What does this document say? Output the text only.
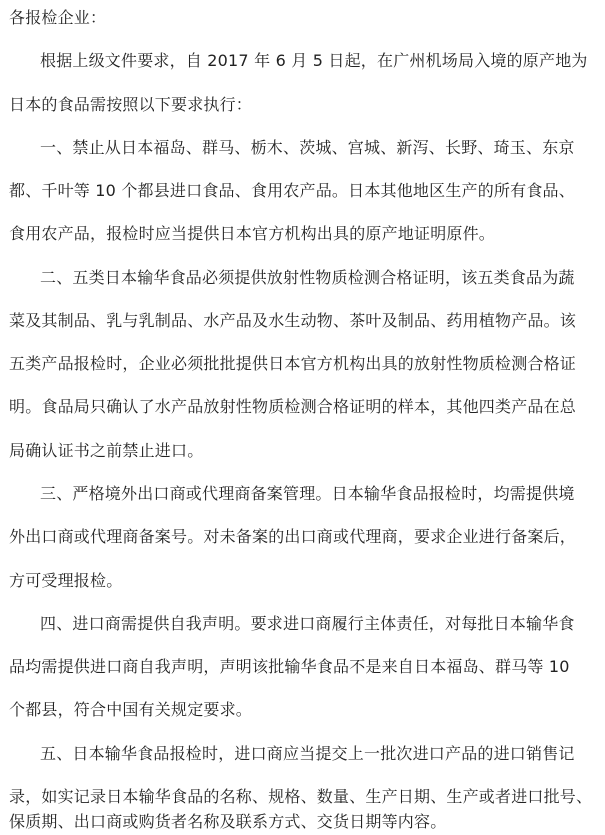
各报检企业：
根据上级文件要求，自 2017 年 6 月 5 日起，在广州机场局入境的原产地为
日本的食品需按照以下要求执行：
一、禁止从日本福岛、群马、栃木、茨城、宫城、新泻、长野、琦玉、东京
都、千叶等 10 个都县进口食品、食用农产品。日本其他地区生产的所有食品、
食用农产品，报检时应当提供日本官方机构出具的原产地证明原件。
二、五类日本输华食品必须提供放射性物质检测合格证明，该五类食品为蔬
菜及其制品、乳与乳制品、水产品及水生动物、茶叶及制品、药用植物产品。该
五类产品报检时，企业必须批批提供日本官方机构出具的放射性物质检测合格证
明。食品局只确认了水产品放射性物质检测合格证明的样本，其他四类产品在总
局确认证书之前禁止进口。
三、严格境外出口商或代理商备案管理。日本输华食品报检时，均需提供境
外出口商或代理商备案号。对未备案的出口商或代理商，要求企业进行备案后，
方可受理报检。
四、进口商需提供自我声明。要求进口商履行主体责任，对每批日本输华食
品均需提供进口商自我声明，声明该批输华食品不是来自日本福岛、群马等 10
个都县，符合中国有关规定要求。
五、日本输华食品报检时，进口商应当提交上一批次进口产品的进口销售记
录，如实记录日本输华食品的名称、规格、数量、生产日期、生产或者进口批号、
保质期、出口商或购货者名称及联系方式、交货日期等内容。
